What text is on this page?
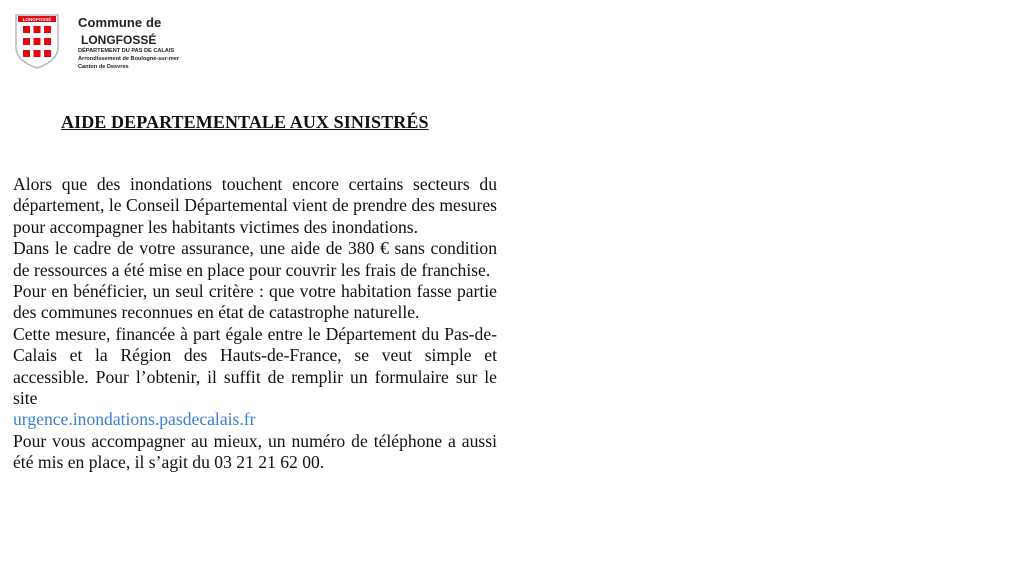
LONGFOSSÉ Commune de
LONGFOSSÉ
DÉPARTEMENT DU PAS DE CALAIS
Arrondissement de Boulogne-sur-mer
Canton de Desvres
AIDE DEPARTEMENTALE AUX SINISTRÉS

Alors que des inondations touchent encore certains secteurs du département, le Conseil Départemental vient de prendre des mesures pour accompagner les habitants victimes des inondations.

Dans le cadre de votre assurance, une aide de 380 € sans condition de ressources a été mise en place pour couvrir les frais de franchise.

Pour en bénéficier, un seul critère : que votre habitation fasse partie des communes reconnues en état de catastrophe naturelle.

Cette mesure, financée à part égale entre le Département du Pas-de-Calais et la Région des Hauts-de-France, se veut simple et accessible. Pour l’obtenir, il suffit de remplir un formulaire sur le site

urgence.inondations.pasdecalais.fr

Pour vous accompagner au mieux, un numéro de téléphone a aussi été mis en place, il s’agit du 03 21 21 62 00.
